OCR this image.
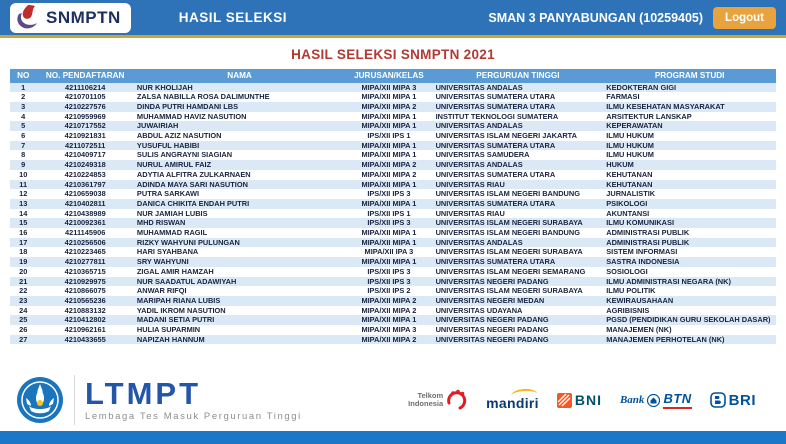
SNMPTN	HASIL SELEKSI	SMAN 3 PANYABUNGAN (10259405)	Logout
HASIL SELEKSI SNMPTN 2021
NO	NO. PENDAFTARAN	NAMA	JURUSAN/KELAS	PERGURUAN TINGGI	PROGRAM STUDI
1	4211106214	NUR KHOLIJAH	MIPA/XII MIPA 3	UNIVERSITAS ANDALAS	KEDOKTERAN GIGI
2	4210701105	ZALSA NABILLA ROSA DALIMUNTHE	MIPA/XII MIPA 1	UNIVERSITAS SUMATERA UTARA	FARMASI
3	4210227576	DINDA PUTRI HAMDANI LBS	MIPA/XII MIPA 2	UNIVERSITAS SUMATERA UTARA	ILMU KESEHATAN MASYARAKAT
4	4210959969	MUHAMMAD HAVIZ NASUTION	MIPA/XII MIPA 1	INSTITUT TEKNOLOGI SUMATERA	ARSITEKTUR LANSKAP
5	4210717552	JUWAIRIAH	MIPA/XII MIPA 1	UNIVERSITAS ANDALAS	KEPERAWATAN
6	4210921831	ABDUL AZIZ NASUTION	IPS/XII IPS 1	UNIVERSITAS ISLAM NEGERI JAKARTA	ILMU HUKUM
7	4211072511	YUSUFUL HABIBI	MIPA/XII MIPA 1	UNIVERSITAS SUMATERA UTARA	ILMU HUKUM
8	4210409717	SULIS ANGRAYNI SIAGIAN	MIPA/XII MIPA 1	UNIVERSITAS SAMUDERA	ILMU HUKUM
9	4210249318	NURUL AMIRUL FAIZ	MIPA/XII MIPA 2	UNIVERSITAS ANDALAS	HUKUM
10	4210224853	ADYTIA ALFITRA ZULKARNAEN	MIPA/XII MIPA 2	UNIVERSITAS SUMATERA UTARA	KEHUTANAN
11	4210361797	ADINDA MAYA SARI NASUTION	MIPA/XII MIPA 1	UNIVERSITAS RIAU	KEHUTANAN
12	4210659038	PUTRA SARKAWI	IPS/XII IPS 3	UNIVERSITAS ISLAM NEGERI BANDUNG	JURNALISTIK
13	4210402811	DANICA CHIKITA ENDAH PUTRI	MIPA/XII MIPA 1	UNIVERSITAS SUMATERA UTARA	PSIKOLOGI
14	4210438989	NUR JAMIAH LUBIS	IPS/XII IPS 1	UNIVERSITAS RIAU	AKUNTANSI
15	4210092361	MHD RISWAN	IPS/XII IPS 3	UNIVERSITAS ISLAM NEGERI SURABAYA	ILMU KOMUNIKASI
16	4211145906	MUHAMMAD RAGIL	MIPA/XII MIPA 1	UNIVERSITAS ISLAM NEGERI BANDUNG	ADMINISTRASI PUBLIK
17	4210256506	RIZKY WAHYUNI PULUNGAN	MIPA/XII MIPA 1	UNIVERSITAS ANDALAS	ADMINISTRASI PUBLIK
18	4210223465	HARI SYAHBANA	MIPA/XII IPA 3	UNIVERSITAS ISLAM NEGERI SURABAYA	SISTEM INFORMASI
19	4210277811	SRY WAHYUNI	MIPA/XII MIPA 1	UNIVERSITAS SUMATERA UTARA	SASTRA INDONESIA
20	4210365715	ZIGAL AMIR HAMZAH	IPS/XII IPS 3	UNIVERSITAS ISLAM NEGERI SEMARANG	SOSIOLOGI
21	4210929975	NUR SAADATUL ADAWIYAH	IPS/XII IPS 3	UNIVERSITAS NEGERI PADANG	ILMU ADMINISTRASI NEGARA (NK)
22	4210866075	ANWAR RIFQI	IPS/XII IPS 2	UNIVERSITAS ISLAM NEGERI SURABAYA	ILMU POLITIK
23	4210565236	MARIPAH RIANA LUBIS	MIPA/XII MIPA 2	UNIVERSITAS NEGERI MEDAN	KEWIRAUSAHAAN
24	4210883132	YADIL IKROM NASUTION	MIPA/XII MIPA 2	UNIVERSITAS UDAYANA	AGRIBISNIS
25	4210412802	MADANI SETIA PUTRI	MIPA/XII MIPA 1	UNIVERSITAS NEGERI PADANG	PGSD (PENDIDIKAN GURU SEKOLAH DASAR)
26	4210962161	HULIA SUPARMIN	MIPA/XII MIPA 3	UNIVERSITAS NEGERI PADANG	MANAJEMEN (NK)
27	4210433655	NAPIZAH HANNUM	MIPA/XII MIPA 2	UNIVERSITAS NEGERI PADANG	MANAJEMEN PERHOTELAN (NK)
LTMPT
Lembaga Tes Masuk Perguruan Tinggi
Telkom
Indonesia	mandiri	BNI Bank BTN BRI
